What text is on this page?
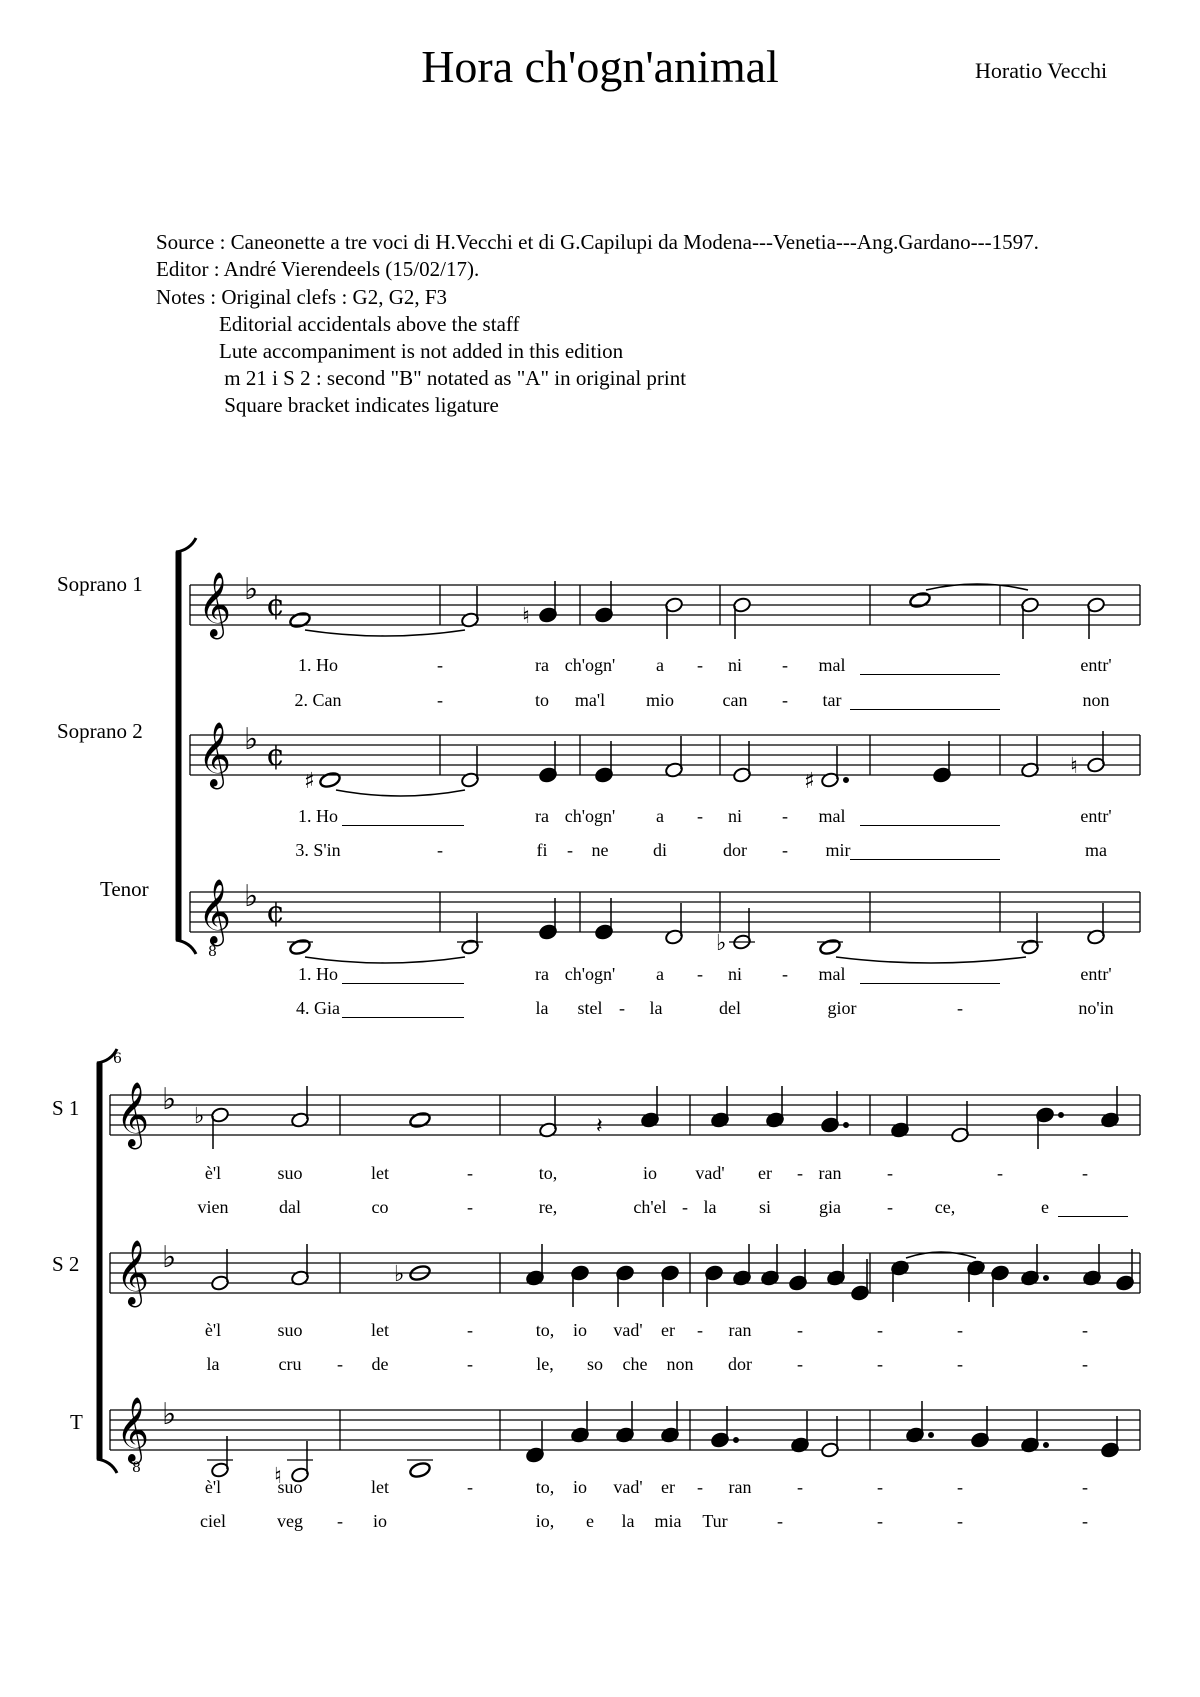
Hora ch'ogn'animal	Horatio Vecchi
Source : Caneonette a tre voci di H.Vecchi et di G.Capilupi da Modena---Venetia---Ang.Gardano---1597.
Editor : André Vierendeels (15/02/17).
Notes : Original clefs : G2, G2, F3
Editorial accidentals above the staff
Lute accompaniment is not added in this edition
m 21 i S 2 : second "B" notated as "A" in original print
Square bracket indicates ligature
Soprano 1
Soprano 2
Tenor
S 1
S 2
T
𝄞 ♭ ¢
𝄞 ♭ ¢
𝄞 ♭ ¢
𝄞 ♭
𝄞 ♭
𝄞 ♭
♮
♯	♯
♮
♭
♭	𝄽
♭
♮
8
8
6
1. Ho	-	ra ch'ogn' a - ni - mal	entr'
2. Can	-	to ma'l mio	can - tar	non
1. Ho	ra ch'ogn' a - ni - mal	entr'
3. S'in	-	fi - ne di	dor - mir	ma
1. Ho	ra ch'ogn' a - ni - mal	entr'
4. Gia	la stel - la	del	gior	-	no'in
è'l	suo	let	-	to,	io vad' er - ran	-	-	-
vien	dal	co	-	re,	ch'el - la si	gia	- ce,	e
è'l	suo	let	-	to, io vad' er - ran	-	-	-	-
la	cru - de	-	le, so che non dor	-	-	-	-
è'l	suo	let	-	to, io vad' er - ran	-	-	-	-
ciel	veg - io	io, e la mia Tur	-	-	-	-
